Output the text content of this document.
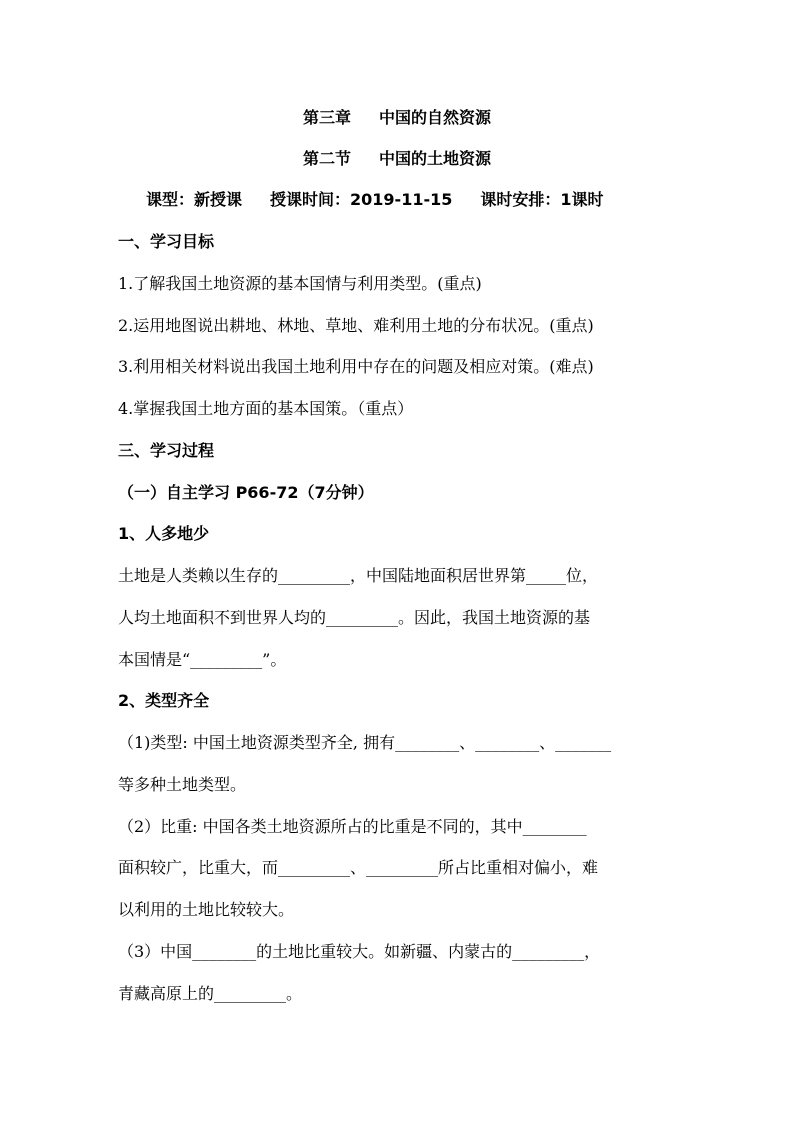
第三章 中国的自然资源
第二节 中国的土地资源
课型：新授课 授课时间：2019-11-15 课时安排：1课时
一、学习目标
1.了解我国土地资源的基本国情与利用类型。(重点)
2.运用地图说出耕地、林地、草地、难利用土地的分布状况。(重点)
3.利用相关材料说出我国土地利用中存在的问题及相应对策。(难点)
4.掌握我国土地方面的基本国策。（重点）
三、学习过程
（一）自主学习 P66-72（7分钟）
1、人多地少
土地是人类赖以生存的_________，中国陆地面积居世界第_____位，
人均土地面积不到世界人均的_________。因此，我国土地资源的基
本国情是“_________”。
2、类型齐全
（1)类型: 中国土地资源类型齐全, 拥有________、________、_______
等多种土地类型。
（2）比重: 中国各类土地资源所占的比重是不同的，其中________
面积较广，比重大，而_________、_________所占比重相对偏小，难
以利用的土地比较较大。
（3）中国________的土地比重较大。如新疆、内蒙古的_________，
青藏高原上的_________。
